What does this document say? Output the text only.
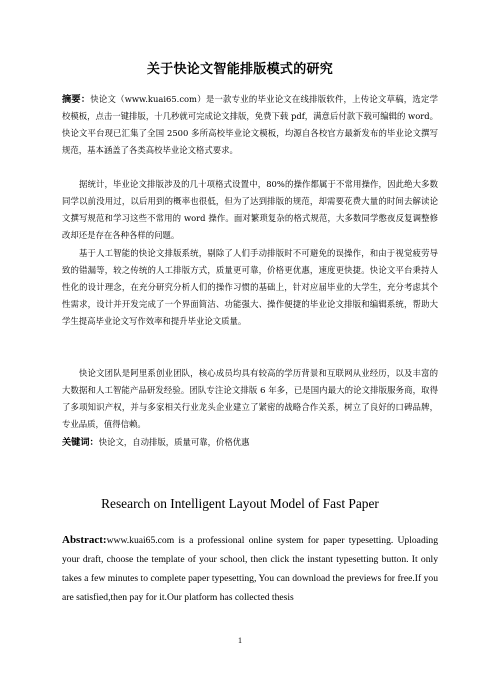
关于快论文智能排版模式的研究
摘要：快论文（www.kuai65.com）是一款专业的毕业论文在线排版软件，上传论文草稿，选定学校模板，点击一键排版，十几秒就可完成论文排版，免费下载 pdf，满意后付款下载可编辑的 word。快论文平台现已汇集了全国 2500 多所高校毕业论文模板，均源自各校官方最新发布的毕业论文撰写规范，基本涵盖了各类高校毕业论文格式要求。
据统计，毕业论文排版涉及的几十项格式设置中，80%的操作都属于不常用操作，因此绝大多数同学以前没用过，以后用到的概率也很低，但为了达到排版的规范，却需要花费大量的时间去解读论文撰写规范和学习这些不常用的 word 操作。面对繁琐复杂的格式规范，大多数同学憋夜反复调整修改却还是存在各种各样的问题。
基于人工智能的快论文排版系统，剔除了人们手动排版时不可避免的误操作，和由于视觉疲劳导致的错漏等，较之传统的人工排版方式，质量更可靠，价格更优惠，速度更快捷。快论文平台秉持人性化的设计理念，在充分研究分析人们的操作习惯的基础上，针对应届毕业的大学生，充分考虑其个性需求，设计并开发完成了一个界面简洁、功能强大、操作便捷的毕业论文排版和编辑系统，帮助大学生提高毕业论文写作效率和提升毕业论文质量。
快论文团队是阿里系创业团队，核心成员均具有较高的学历背景和互联网从业经历，以及丰富的大数据和人工智能产品研发经验。团队专注论文排版 6 年多，已是国内最大的论文排版服务商，取得了多项知识产权，并与多家相关行业龙头企业建立了紧密的战略合作关系，树立了良好的口碑品牌，专业品质，值得信赖。
关键词：快论文，自动排版，质量可靠，价格优惠
Research on Intelligent Layout Model of Fast Paper
Abstract:www.kuai65.com is a professional online system for paper typesetting. Uploading your draft, choose the template of your school, then click the instant typesetting button. It only takes a few minutes to complete paper typesetting, You can download the previews for free.If you are satisfied,then pay for it.Our platform has collected thesis
1
